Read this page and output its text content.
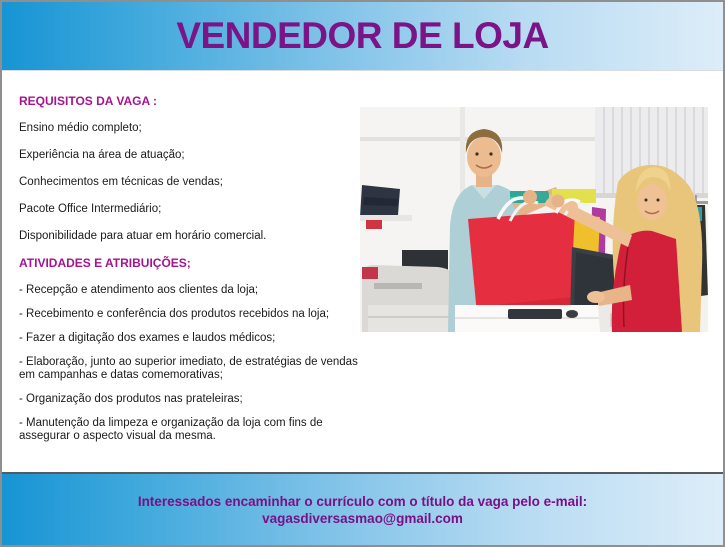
VENDEDOR DE LOJA
REQUISITOS DA VAGA :

Ensino médio completo;

Experiência na área de atuação;

Conhecimentos em técnicas de vendas;

Pacote Office Intermediário;

Disponibilidade para atuar em horário comercial.

ATIVIDADES E ATRIBUIÇÕES;

- Recepção e atendimento aos clientes da loja;

- Recebimento e conferência dos produtos recebidos na loja;

- Fazer a digitação dos exames e laudos médicos;

- Elaboração, junto ao superior imediato, de estratégias de vendas em campanhas e datas comemorativas;

- Organização dos produtos nas prateleiras;

- Manutenção da limpeza e organização da loja com fins de assegurar o aspecto visual da mesma.

Interessados encaminhar o currículo com o título da vaga pelo e-mail:

vagasdiversasmao@gmail.com
